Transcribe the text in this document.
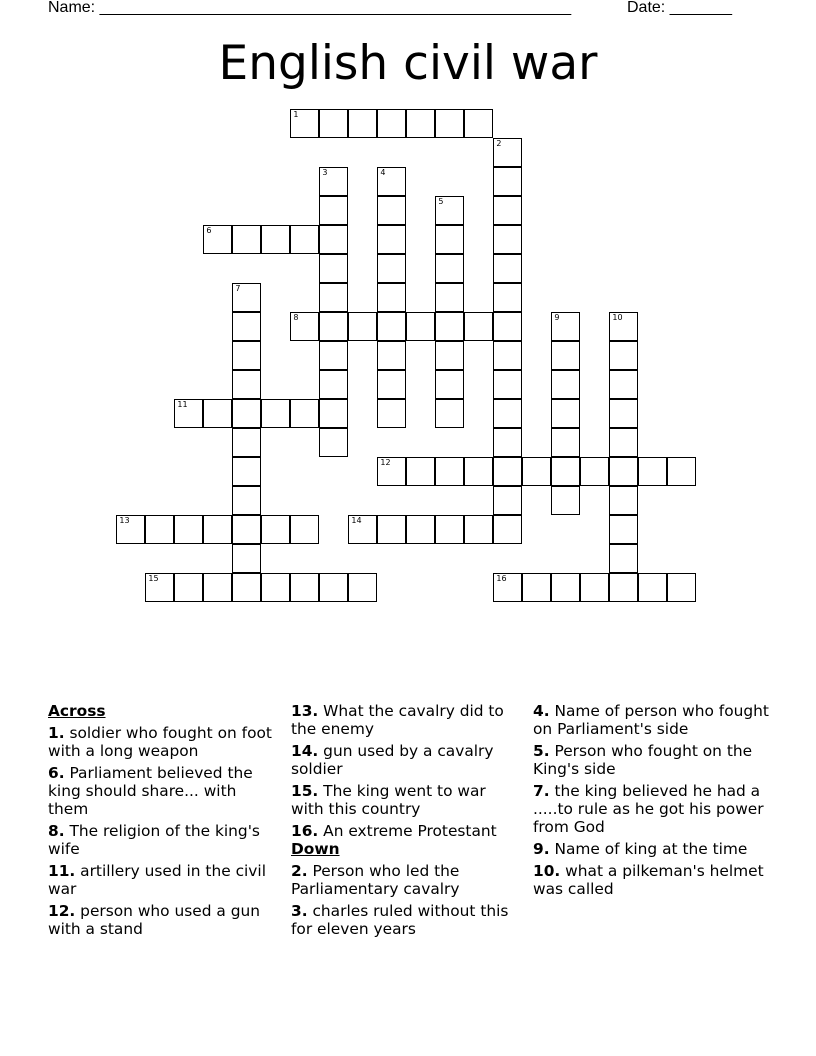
Name: _____________________________________________________	Date: _______
English civil war
1
2
3	4
5
6
7
8	9	10
11
12
13	14
15	16
Across
1. soldier who fought on foot with a long weapon
6. Parliament believed the king should share... with them
8. The religion of the king's wife
11. artillery used in the civil war
12. person who used a gun with a stand
13. What the cavalry did to the enemy
14. gun used by a cavalry soldier
15. The king went to war with this country
16. An extreme Protestant
Down
2. Person who led the Parliamentary cavalry
3. charles ruled without this for eleven years
4. Name of person who fought on Parliament's side
5. Person who fought on the King's side
7. the king believed he had a .....to rule as he got his power from God
9. Name of king at the time
10. what a pilkeman's helmet was called
